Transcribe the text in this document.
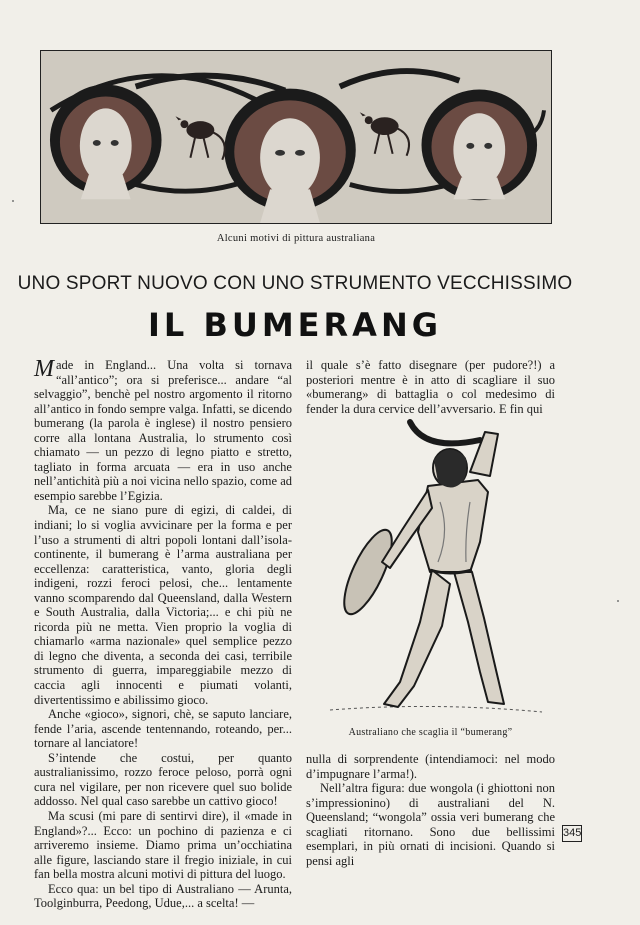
Alcuni motivi di pittura australiana
UNO SPORT NUOVO CON UNO STRUMENTO VECCHISSIMO
IL BUMERANG

Made in England... Una volta si tornava “all’antico”; ora si preferisce... andare “al selvaggio”, benchè pel nostro argomento il ritorno all’antico in fondo sempre valga. Infatti, se dicendo bumerang (la parola è inglese) il nostro pensiero corre alla lontana Australia, lo strumento così chiamato — un pezzo di legno piatto e stretto, tagliato in forma arcuata — era in uso anche nell’antichità più a noi vicina nello spazio, come ad esempio sarebbe l’Egizia.

Ma, ce ne siano pure di egizi, di caldei, di indiani; lo si voglia avvicinare per la forma e per l’uso a strumenti di altri popoli lontani dall’isola-continente, il bumerang è l’arma australiana per eccellenza: caratteristica, vanto, gloria degli indigeni, rozzi feroci pelosi, che... lentamente vanno scomparendo dal Queensland, dalla Western e South Australia, dalla Victoria;... e chi più ne ricorda più ne metta. Vien proprio la voglia di chiamarlo «arma nazionale» quel semplice pezzo di legno che diventa, a seconda dei casi, terribile strumento di guerra, impareggiabile mezzo di caccia agli innocenti e piumati volanti, divertentissimo e abilissimo gioco.

Anche «gioco», signori, chè, se saputo lanciare, fende l’aria, ascende tentennando, roteando, per... tornare al lanciatore!

S’intende che costui, per quanto australianissimo, rozzo feroce peloso, porrà ogni cura nel vigilare, per non ricevere quel suo bolide addosso. Nel qual caso sarebbe un cattivo gioco!

Ma scusi (mi pare di sentirvi dire), il «made in England»?... Ecco: un pochino di pazienza e ci arriveremo insieme. Diamo prima un’occhiatina alle figure, lasciando stare il fregio iniziale, in cui fan bella mostra alcuni motivi di pittura del luogo.

Ecco qua: un bel tipo di Australiano — Arunta, Toolginburra, Peedong, Udue,... a scelta! —

il quale s’è fatto disegnare (per pudore?!) a posteriori mentre è in atto di scagliare il suo «bumerang» di battaglia o col medesimo di fender la dura cervice dell’avversario. E fin qui

Australiano che scaglia il “bumerang”

nulla di sorprendente (intendiamoci: nel modo d’impugnare l’arma!).

Nell’altra figura: due wongola (i ghiottoni non s’impressionino) di australiani del N. Queensland; “wongola” ossia veri bumerang che scagliati ritornano. Sono due bellissimi esemplari, in più ornati di incisioni. Quando si pensi agli

345
